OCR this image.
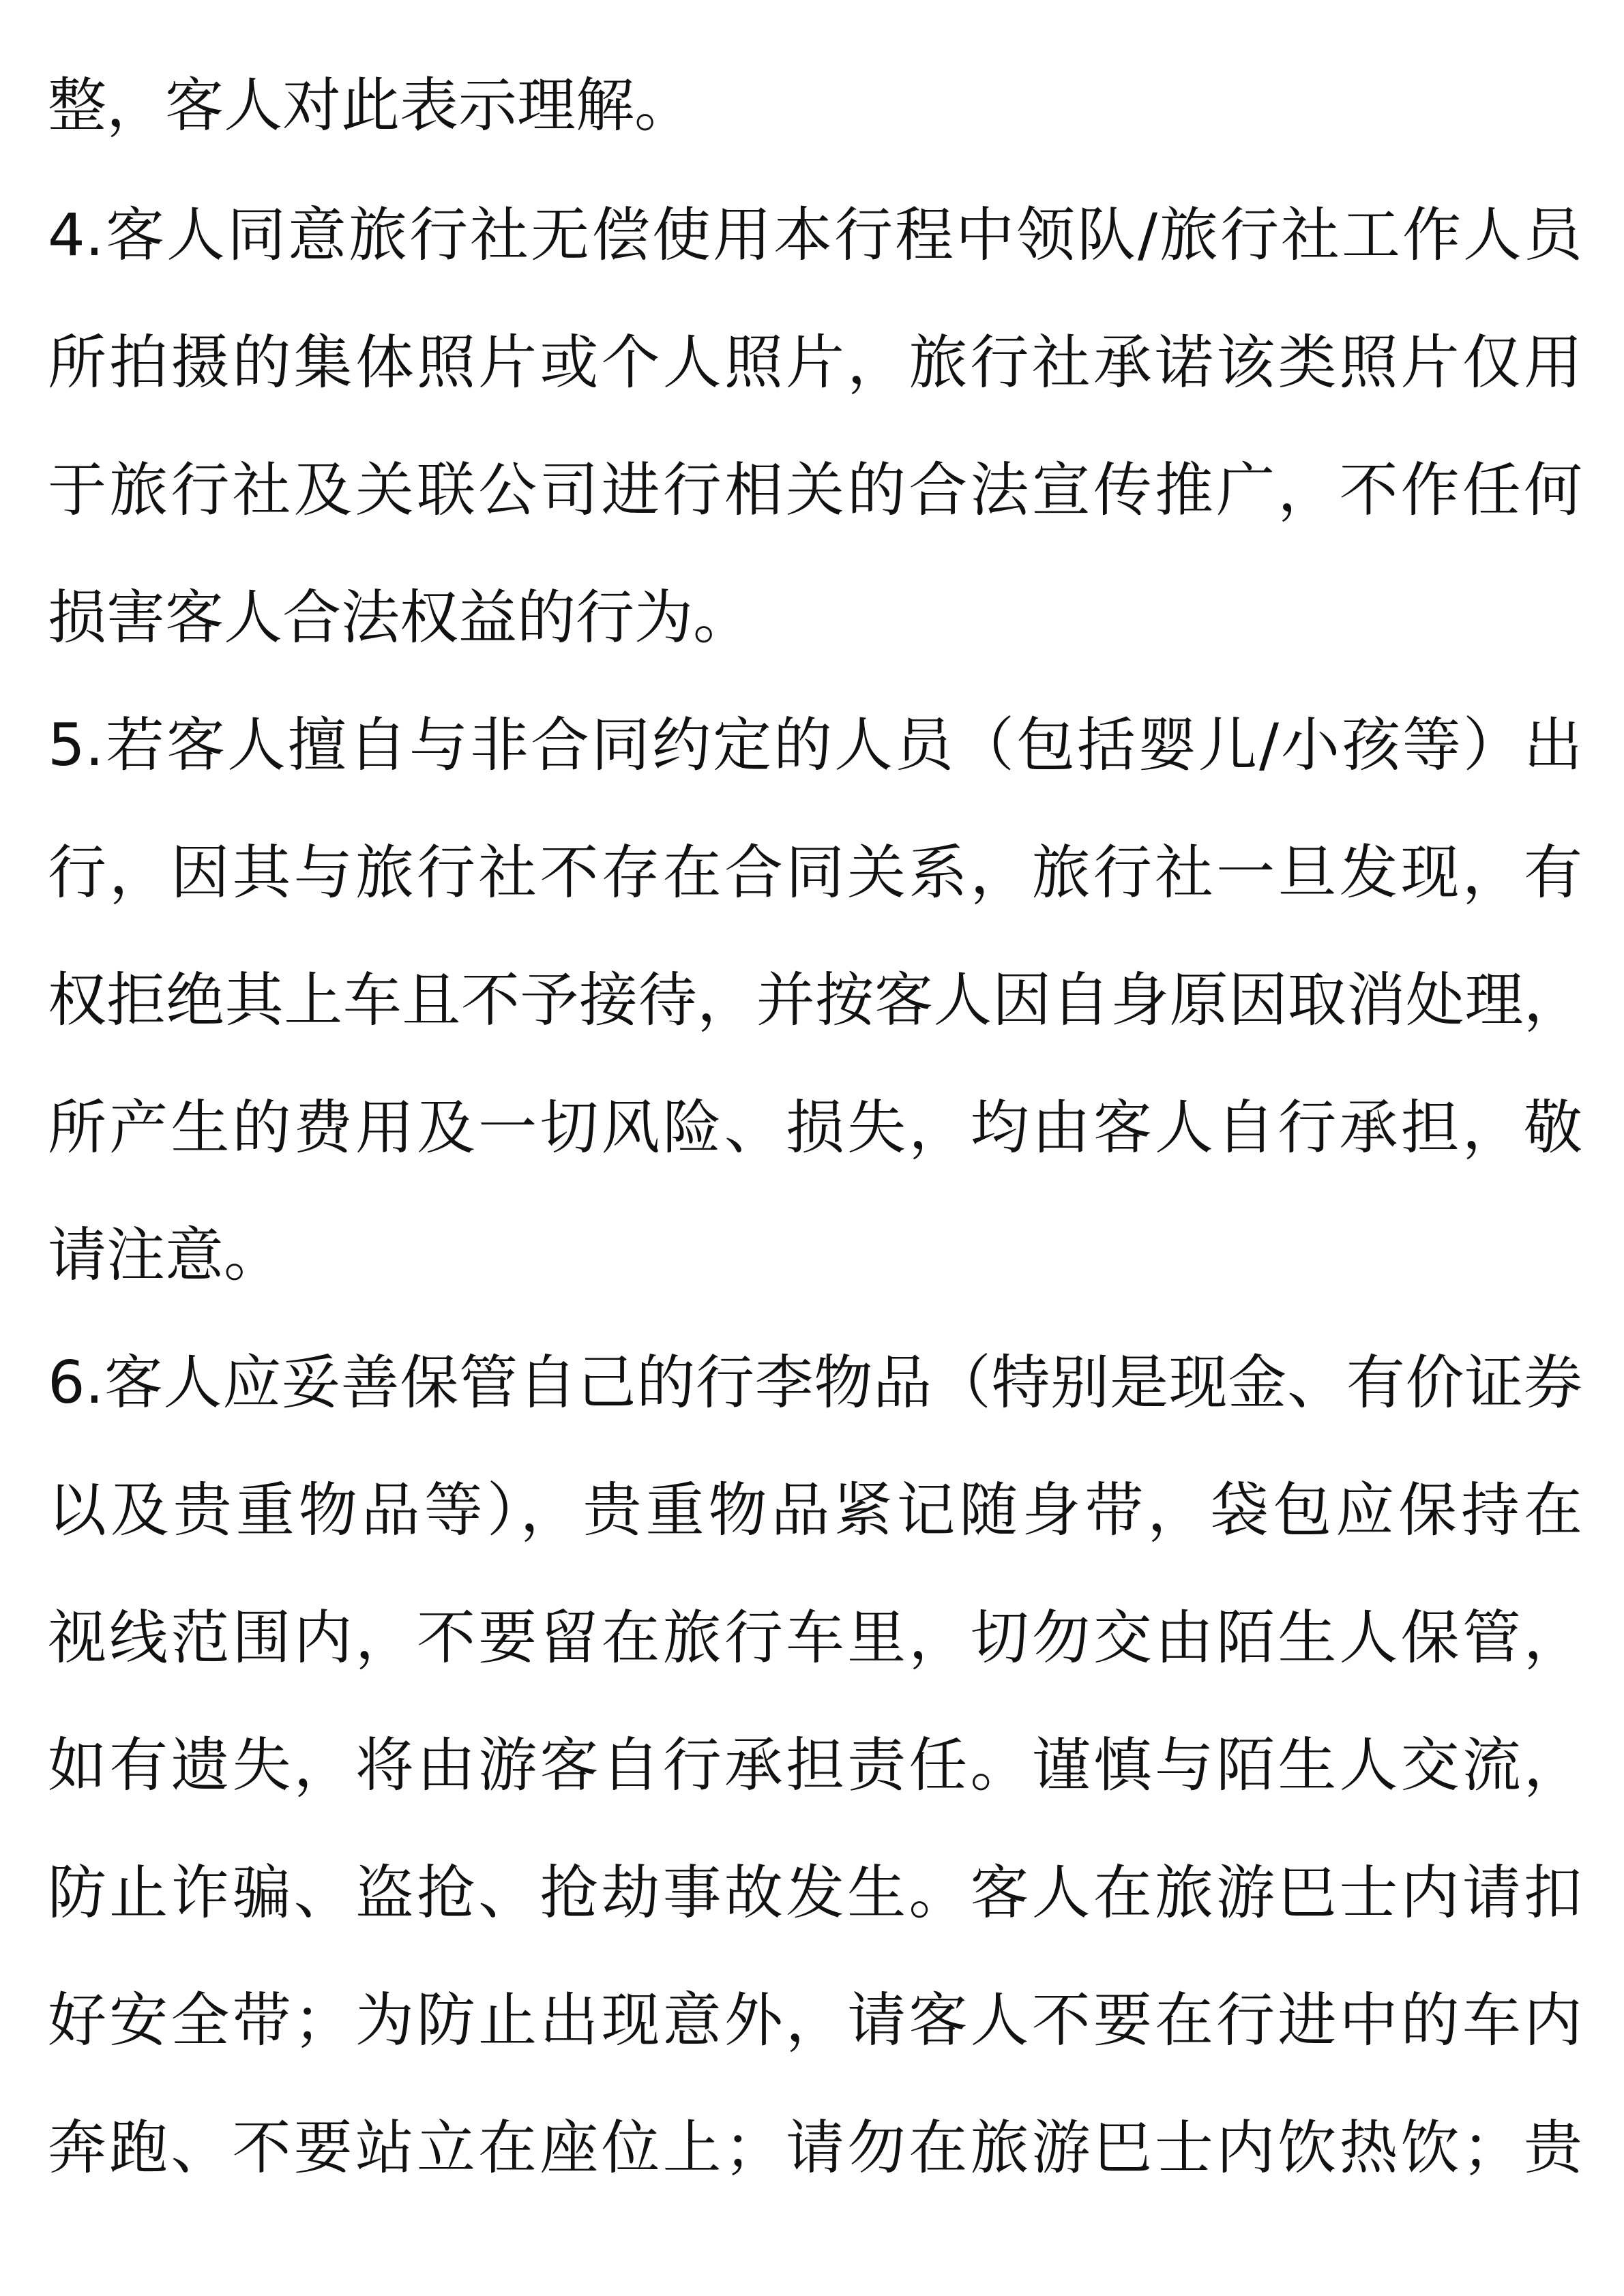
整，客人对此表示理解。

4.客人同意旅行社无偿使用本行程中领队/旅行社工作人员

所拍摄的集体照片或个人照片，旅行社承诺该类照片仅用

于旅行社及关联公司进行相关的合法宣传推广，不作任何

损害客人合法权益的行为。

5.若客人擅自与非合同约定的人员（包括婴儿/小孩等）出

行，因其与旅行社不存在合同关系，旅行社一旦发现，有

权拒绝其上车且不予接待，并按客人因自身原因取消处理，

所产生的费用及一切风险、损失，均由客人自行承担，敬

请注意。

6.客人应妥善保管自己的行李物品（特别是现金、有价证券

以及贵重物品等），贵重物品紧记随身带，袋包应保持在

视线范围内，不要留在旅行车里，切勿交由陌生人保管，

如有遗失，将由游客自行承担责任。谨慎与陌生人交流，

防止诈骗、盗抢、抢劫事故发生。客人在旅游巴士内请扣

好安全带；为防止出现意外，请客人不要在行进中的车内

奔跑、不要站立在座位上；请勿在旅游巴士内饮热饮；贵
